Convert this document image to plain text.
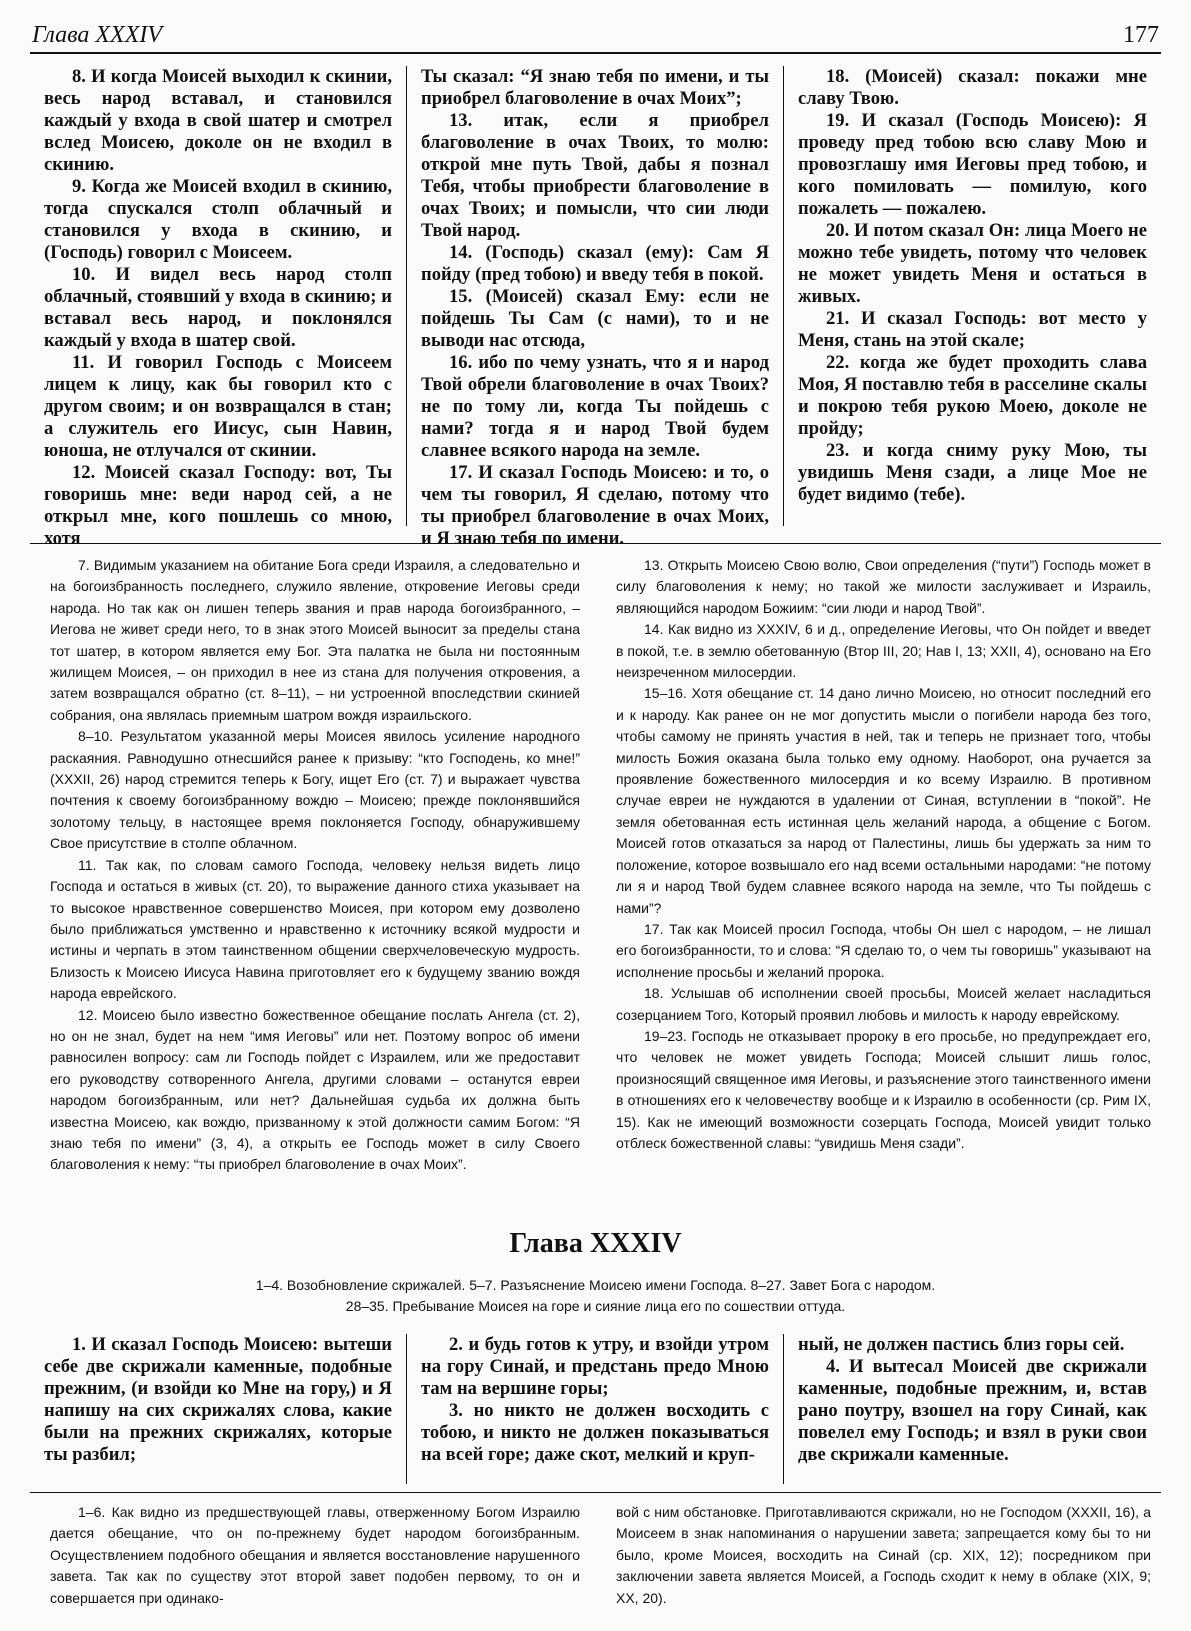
Глава XXXIV	177

8. И когда Моисей выходил к скинии, весь народ вставал, и становился каждый у входа в свой шатер и смотрел вслед Моисею, доколе он не входил в скинию.

9. Когда же Моисей входил в скинию, тогда спускался столп облачный и становился у входа в скинию, и (Господь) говорил с Моисеем.

10. И видел весь народ столп облачный, стоявший у входа в скинию; и вставал весь народ, и поклонялся каждый у входа в шатер свой.

11. И говорил Господь с Моисеем лицем к лицу, как бы говорил кто с другом своим; и он возвращался в стан; а служитель его Иисус, сын Навин, юноша, не отлучался от скинии.

12. Моисей сказал Господу: вот, Ты говоришь мне: веди народ сей, а не открыл мне, кого пошлешь со мною, хотя

Ты сказал: “Я знаю тебя по имени, и ты приобрел благоволение в очах Моих”;

13. итак, если я приобрел благоволение в очах Твоих, то молю: открой мне путь Твой, дабы я познал Тебя, чтобы приобрести благоволение в очах Твоих; и помысли, что сии люди Твой народ.

14. (Господь) сказал (ему): Сам Я пойду (пред тобою) и введу тебя в покой.

15. (Моисей) сказал Ему: если не пойдешь Ты Сам (с нами), то и не выводи нас отсюда,

16. ибо по чему узнать, что я и народ Твой обрели благоволение в очах Твоих? не по тому ли, когда Ты пойдешь с нами? тогда я и народ Твой будем славнее всякого народа на земле.

17. И сказал Господь Моисею: и то, о чем ты говорил, Я сделаю, потому что ты приобрел благоволение в очах Моих, и Я знаю тебя по имени.

18. (Моисей) сказал: покажи мне славу Твою.

19. И сказал (Господь Моисею): Я проведу пред тобою всю славу Мою и провозглашу имя Иеговы пред тобою, и кого помиловать — помилую, кого пожалеть — пожалею.

20. И потом сказал Он: лица Моего не можно тебе увидеть, потому что человек не может увидеть Меня и остаться в живых.

21. И сказал Господь: вот место у Меня, стань на этой скале;

22. когда же будет проходить слава Моя, Я поставлю тебя в расселине скалы и покрою тебя рукою Моею, доколе не пройду;

23. и когда сниму руку Мою, ты увидишь Меня сзади, а лице Мое не будет видимо (тебе).

7. Видимым указанием на обитание Бога среди Израиля, а следовательно и на богоизбранность последнего, служило явление, откровение Иеговы среди народа. Но так как он лишен теперь звания и прав народа богоизбранного, – Иегова не живет среди него, то в знак этого Моисей выносит за пределы стана тот шатер, в котором является ему Бог. Эта палатка не была ни постоянным жилищем Моисея, – он приходил в нее из стана для получения откровения, а затем возвращался обратно (ст. 8–11), – ни устроенной впоследствии скинией собрания, она являлась приемным шатром вождя израильского.

8–10. Результатом указанной меры Моисея явилось усиление народного раскаяния. Равнодушно отнесшийся ранее к призыву: “кто Господень, ко мне!” (XXXII, 26) народ стремится теперь к Богу, ищет Его (ст. 7) и выражает чувства почтения к своему богоизбранному вождю – Моисею; прежде поклонявшийся золотому тельцу, в настоящее время поклоняется Господу, обнаружившему Свое присутствие в столпе облачном.

11. Так как, по словам самого Господа, человеку нельзя видеть лицо Господа и остаться в живых (ст. 20), то выражение данного стиха указывает на то высокое нравственное совершенство Моисея, при котором ему дозволено было приближаться умственно и нравственно к источнику всякой мудрости и истины и черпать в этом таинственном общении сверхчеловеческую мудрость. Близость к Моисею Иисуса Навина приготовляет его к будущему званию вождя народа еврейского.

12. Моисею было известно божественное обещание послать Ангела (ст. 2), но он не знал, будет на нем “имя Иеговы” или нет. Поэтому вопрос об имени равносилен вопросу: сам ли Господь пойдет с Израилем, или же предоставит его руководству сотворенного Ангела, другими словами – останутся евреи народом богоизбранным, или нет? Дальнейшая судьба их должна быть известна Моисею, как вождю, призванному к этой должности самим Богом: “Я знаю тебя по имени” (3, 4), а открыть ее Господь может в силу Своего благоволения к нему: “ты приобрел благоволение в очах Моих”.

13. Открыть Моисею Свою волю, Свои определения (“пути”) Господь может в силу благоволения к нему; но такой же милости заслуживает и Израиль, являющийся народом Божиим: “сии люди и народ Твой”.

14. Как видно из XXXIV, 6 и д., определение Иеговы, что Он пойдет и введет в покой, т.е. в землю обетованную (Втор III, 20; Нав I, 13; XXII, 4), основано на Его неизреченном милосердии.

15–16. Хотя обещание ст. 14 дано лично Моисею, но относит последний его и к народу. Как ранее он не мог допустить мысли о погибели народа без того, чтобы самому не принять участия в ней, так и теперь не признает того, чтобы милость Божия оказана была только ему одному. Наоборот, она ручается за проявление божественного милосердия и ко всему Израилю. В противном случае евреи не нуждаются в удалении от Синая, вступлении в “покой”. Не земля обетованная есть истинная цель желаний народа, а общение с Богом. Моисей готов отказаться за народ от Палестины, лишь бы удержать за ним то положение, которое возвышало его над всеми остальными народами: “не потому ли я и народ Твой будем славнее всякого народа на земле, что Ты пойдешь с нами”?

17. Так как Моисей просил Господа, чтобы Он шел с народом, – не лишал его богоизбранности, то и слова: “Я сделаю то, о чем ты говоришь” указывают на исполнение просьбы и желаний пророка.

18. Услышав об исполнении своей просьбы, Моисей желает насладиться созерцанием Того, Который проявил любовь и милость к народу еврейскому.

19–23. Господь не отказывает пророку в его просьбе, но предупреждает его, что человек не может увидеть Господа; Моисей слышит лишь голос, произносящий священное имя Иеговы, и разъяснение этого таинственного имени в отношениях его к человечеству вообще и к Израилю в особенности (ср. Рим IX, 15). Как не имеющий возможности созерцать Господа, Моисей увидит только отблеск божественной славы: “увидишь Меня сзади”.

Глава XXXIV
1–4. Возобновление скрижалей. 5–7. Разъяснение Моисею имени Господа. 8–27. Завет Бога с народом.
28–35. Пребывание Моисея на горе и сияние лица его по сошествии оттуда.

1. И сказал Господь Моисею: вытеши себе две скрижали каменные, подобные прежним, (и взойди ко Мне на гору,) и Я напишу на сих скрижалях слова, какие были на прежних скрижалях, которые ты разбил;

2. и будь готов к утру, и взойди утром на гору Синай, и предстань предо Мною там на вершине горы;

3. но никто не должен восходить с тобою, и никто не должен показываться на всей горе; даже скот, мелкий и круп-

ный, не должен пастись близ горы сей.

4. И вытесал Моисей две скрижали каменные, подобные прежним, и, встав рано поутру, взошел на гору Синай, как повелел ему Господь; и взял в руки свои две скрижали каменные.

1–6. Как видно из предшествующей главы, отверженному Богом Израилю дается обещание, что он по-прежнему будет народом богоизбранным. Осуществлением подобного обещания и является восстановление нарушенного завета. Так как по существу этот второй завет подобен первому, то он и совершается при одинако-

вой с ним обстановке. Приготавливаются скрижали, но не Господом (XXXII, 16), а Моисеем в знак напоминания о нарушении завета; запрещается кому бы то ни было, кроме Моисея, восходить на Синай (ср. XIX, 12); посредником при заключении завета является Моисей, а Господь сходит к нему в облаке (XIX, 9; XX, 20).
